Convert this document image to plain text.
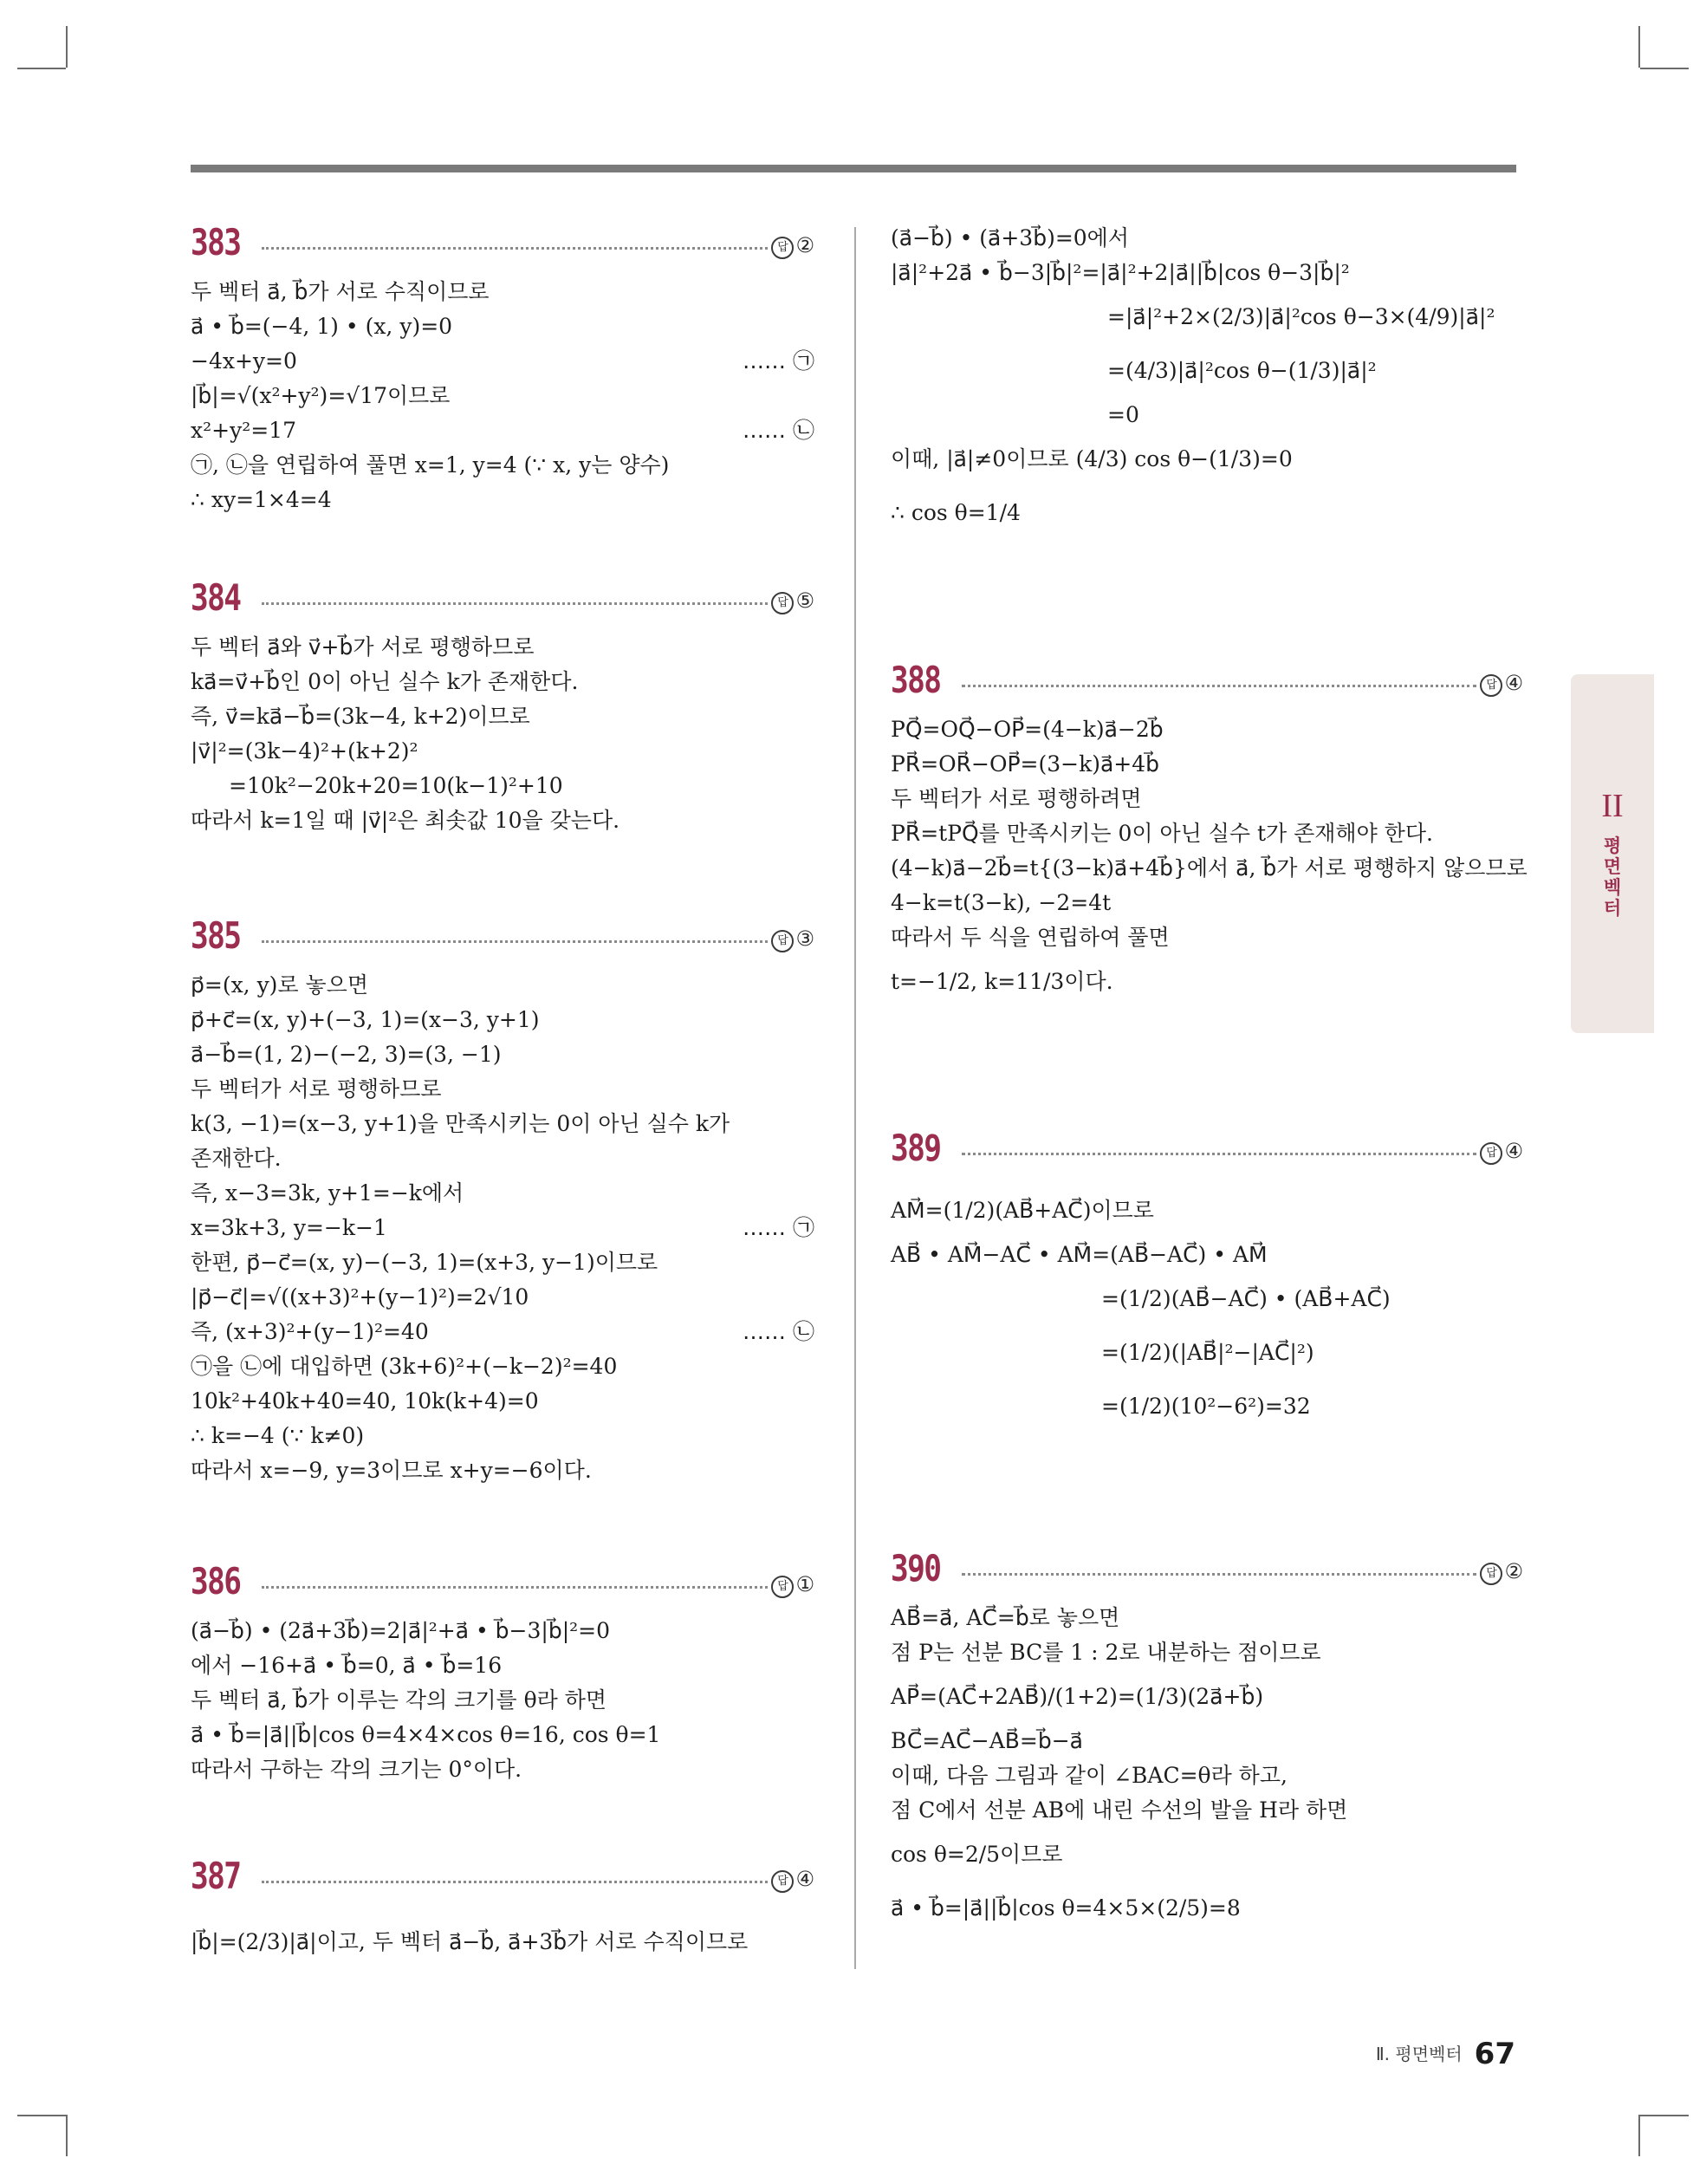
383	답 ②
두 벡터 a⃗, b⃗가 서로 수직이므로
a⃗ • b⃗=(−4, 1) • (x, y)=0
−4x+y=0	…… ㉠
|b⃗|=√(x²+y²)=√17이므로
x²+y²=17	…… ㉡
㉠, ㉡을 연립하여 풀면 x=1, y=4 (∵ x, y는 양수)
∴ xy=1×4=4
384	답 ⑤
두 벡터 a⃗와 v⃗+b⃗가 서로 평행하므로
ka⃗=v⃗+b⃗인 0이 아닌 실수 k가 존재한다.
즉, v⃗=ka⃗−b⃗=(3k−4, k+2)이므로
|v⃗|²=(3k−4)²+(k+2)²
=10k²−20k+20=10(k−1)²+10
따라서 k=1일 때 |v⃗|²은 최솟값 10을 갖는다.
385	답 ③
p⃗=(x, y)로 놓으면
p⃗+c⃗=(x, y)+(−3, 1)=(x−3, y+1)
a⃗−b⃗=(1, 2)−(−2, 3)=(3, −1)
두 벡터가 서로 평행하므로
k(3, −1)=(x−3, y+1)을 만족시키는 0이 아닌 실수 k가
존재한다.
즉, x−3=3k, y+1=−k에서
x=3k+3, y=−k−1	…… ㉠
한편, p⃗−c⃗=(x, y)−(−3, 1)=(x+3, y−1)이므로
|p⃗−c⃗|=√((x+3)²+(y−1)²)=2√10
즉, (x+3)²+(y−1)²=40	…… ㉡
㉠을 ㉡에 대입하면 (3k+6)²+(−k−2)²=40
10k²+40k+40=40, 10k(k+4)=0
∴ k=−4 (∵ k≠0)
따라서 x=−9, y=3이므로 x+y=−6이다.
386	답 ①
(a⃗−b⃗) • (2a⃗+3b⃗)=2|a⃗|²+a⃗ • b⃗−3|b⃗|²=0
에서 −16+a⃗ • b⃗=0, a⃗ • b⃗=16
두 벡터 a⃗, b⃗가 이루는 각의 크기를 θ라 하면
a⃗ • b⃗=|a⃗||b⃗|cos θ=4×4×cos θ=16, cos θ=1
따라서 구하는 각의 크기는 0°이다.
387	답 ④
|b⃗|=(2/3)|a⃗|이고, 두 벡터 a⃗−b⃗, a⃗+3b⃗가 서로 수직이므로
(a⃗−b⃗) • (a⃗+3b⃗)=0에서
|a⃗|²+2a⃗ • b⃗−3|b⃗|²=|a⃗|²+2|a⃗||b⃗|cos θ−3|b⃗|²
=|a⃗|²+2×(2/3)|a⃗|²cos θ−3×(4/9)|a⃗|²
=(4/3)|a⃗|²cos θ−(1/3)|a⃗|²
=0
이때, |a⃗|≠0이므로 (4/3) cos θ−(1/3)=0
∴ cos θ=1/4
388	답 ④
PQ⃗=OQ⃗−OP⃗=(4−k)a⃗−2b⃗
PR⃗=OR⃗−OP⃗=(3−k)a⃗+4b⃗
두 벡터가 서로 평행하려면
PR⃗=tPQ⃗를 만족시키는 0이 아닌 실수 t가 존재해야 한다.
(4−k)a⃗−2b⃗=t{(3−k)a⃗+4b⃗}에서 a⃗, b⃗가 서로 평행하지 않으므로
4−k=t(3−k), −2=4t
따라서 두 식을 연립하여 풀면
t=−1/2, k=11/3이다.
389	답 ④
AM⃗=(1/2)(AB⃗+AC⃗)이므로
AB⃗ • AM⃗−AC⃗ • AM⃗=(AB⃗−AC⃗) • AM⃗
=(1/2)(AB⃗−AC⃗) • (AB⃗+AC⃗)
=(1/2)(|AB⃗|²−|AC⃗|²)
=(1/2)(10²−6²)=32
390	답 ②
AB⃗=a⃗, AC⃗=b⃗로 놓으면
점 P는 선분 BC를 1 : 2로 내분하는 점이므로
AP⃗=(AC⃗+2AB⃗)/(1+2)=(1/3)(2a⃗+b⃗)
BC⃗=AC⃗−AB⃗=b⃗−a⃗
이때, 다음 그림과 같이 ∠BAC=θ라 하고,
점 C에서 선분 AB에 내린 수선의 발을 H라 하면
cos θ=2/5이므로
a⃗ • b⃗=|a⃗||b⃗|cos θ=4×5×(2/5)=8
II
평면벡터
Ⅱ. 평면벡터 67
